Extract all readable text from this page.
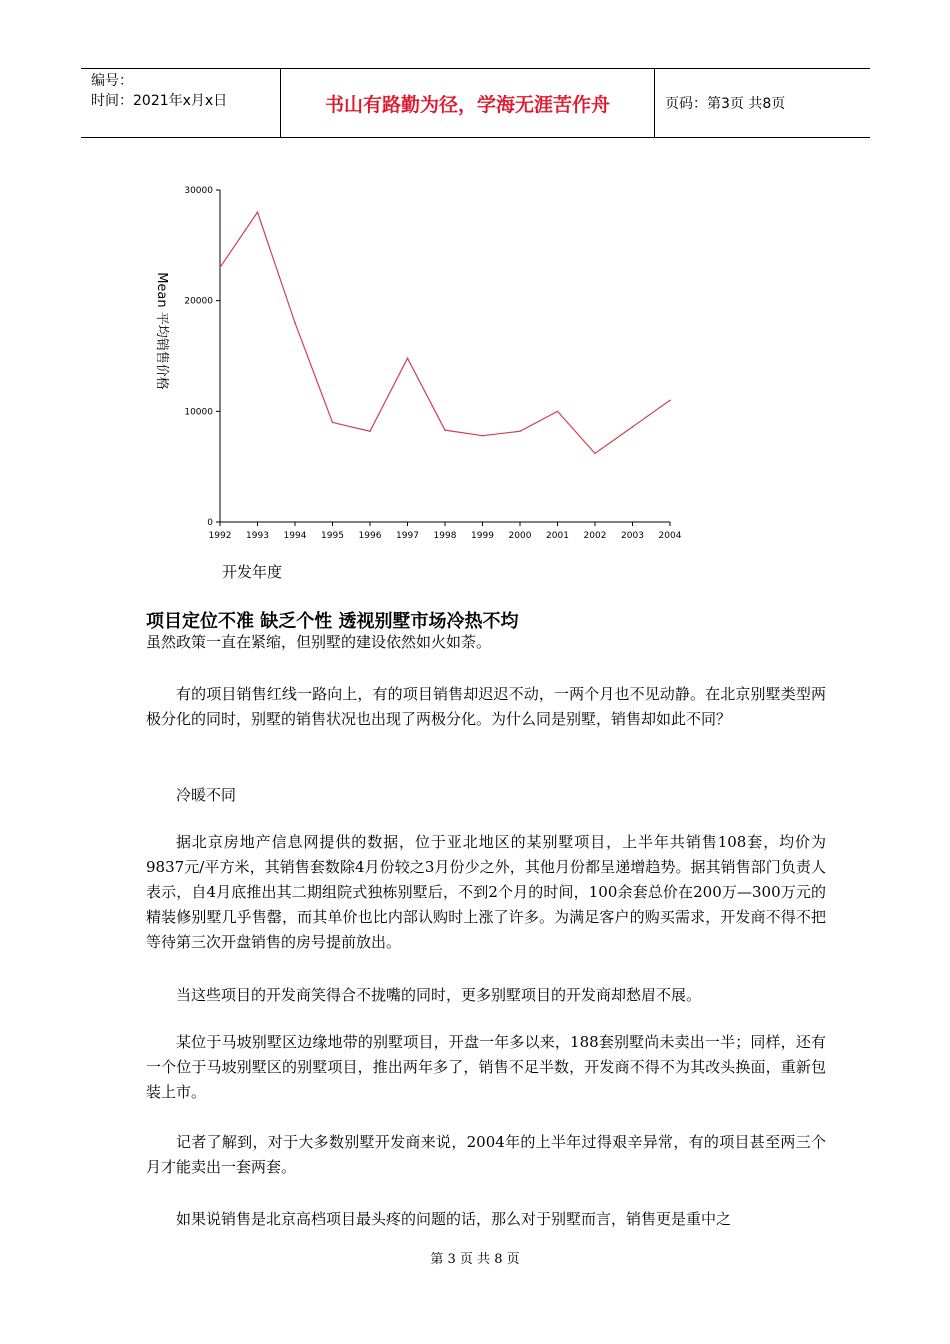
编号：
时间：2021年x月x日	书山有路勤为径，学海无涯苦作舟	页码：第3页 共8页
0
10000
20000
30000
1992 1993 1994 1995 1996 1997 1998 1999 2000 2001 2002 2003 2004
Mean 平均销售价格
开发年度
项目定位不准 缺乏个性 透视别墅市场冷热不均
虽然政策一直在紧缩，但别墅的建设依然如火如荼。
有的项目销售红线一路向上，有的项目销售却迟迟不动，一两个月也不见动静。在北京别墅类型两极分化的同时，别墅的销售状况也出现了两极分化。为什么同是别墅，销售却如此不同？
冷暖不同
据北京房地产信息网提供的数据，位于亚北地区的某别墅项目，上半年共销售108套，均价为9837元/平方米，其销售套数除4月份较之3月份少之外，其他月份都呈递增趋势。据其销售部门负责人表示，自4月底推出其二期组院式独栋别墅后，不到2个月的时间，100余套总价在200万—300万元的精装修别墅几乎售罄，而其单价也比内部认购时上涨了许多。为满足客户的购买需求，开发商不得不把等待第三次开盘销售的房号提前放出。
当这些项目的开发商笑得合不拢嘴的同时，更多别墅项目的开发商却愁眉不展。
某位于马坡别墅区边缘地带的别墅项目，开盘一年多以来，188套别墅尚未卖出一半；同样，还有一个位于马坡别墅区的别墅项目，推出两年多了，销售不足半数，开发商不得不为其改头换面，重新包装上市。
记者了解到，对于大多数别墅开发商来说，2004年的上半年过得艰辛异常，有的项目甚至两三个月才能卖出一套两套。
如果说销售是北京高档项目最头疼的问题的话，那么对于别墅而言，销售更是重中之
第 3 页 共 8 页
